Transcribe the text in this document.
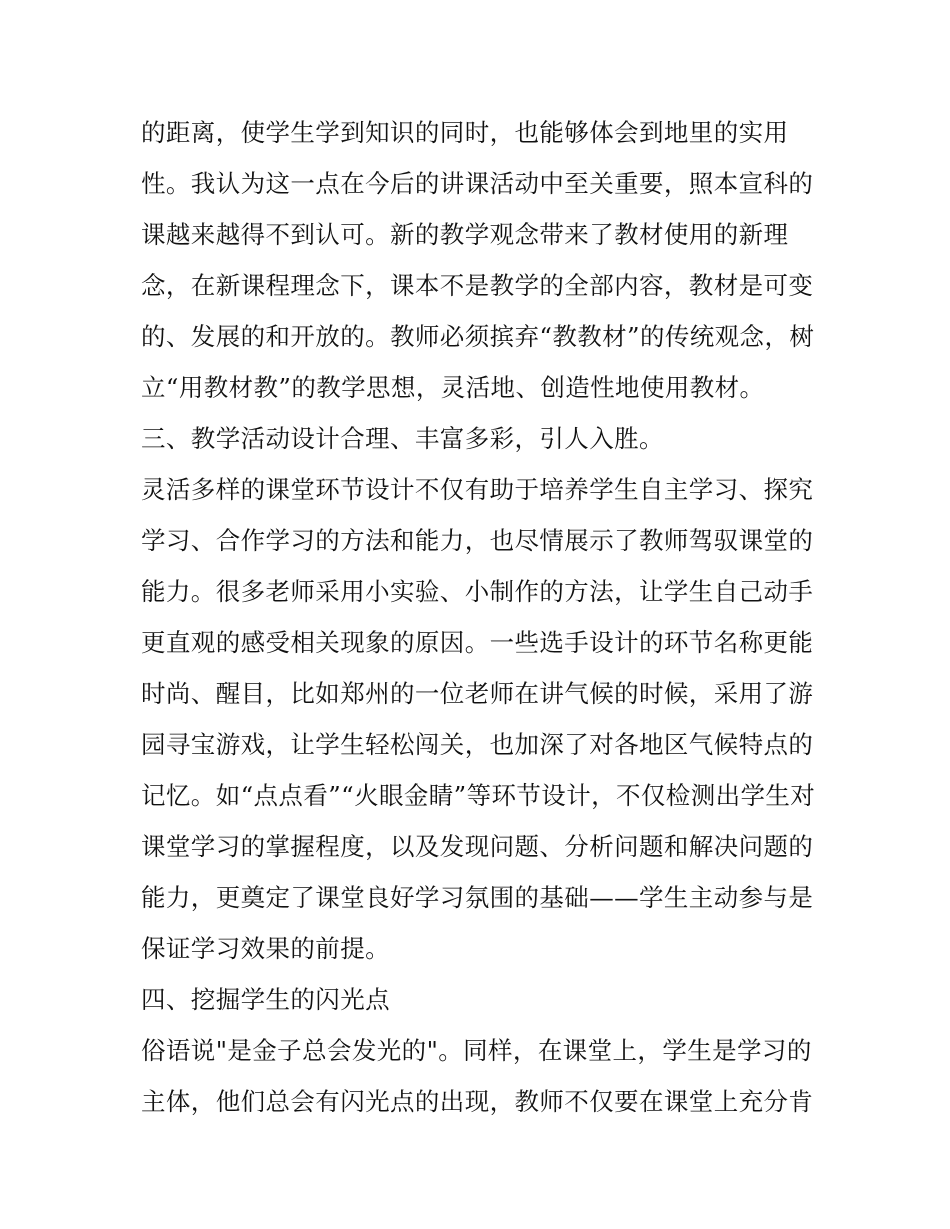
的距离，使学生学到知识的同时，也能够体会到地里的实用
性。我认为这一点在今后的讲课活动中至关重要，照本宣科的
课越来越得不到认可。新的教学观念带来了教材使用的新理
念，在新课程理念下，课本不是教学的全部内容，教材是可变
的、发展的和开放的。教师必须摈弃“教教材”的传统观念，树
立“用教材教”的教学思想，灵活地、创造性地使用教材。
三、教学活动设计合理、丰富多彩，引人入胜。
灵活多样的课堂环节设计不仅有助于培养学生自主学习、探究
学习、合作学习的方法和能力，也尽情展示了教师驾驭课堂的
能力。很多老师采用小实验、小制作的方法，让学生自己动手
更直观的感受相关现象的原因。一些选手设计的环节名称更能
时尚、醒目，比如郑州的一位老师在讲气候的时候，采用了游
园寻宝游戏，让学生轻松闯关，也加深了对各地区气候特点的
记忆。如“点点看”“火眼金睛”等环节设计，不仅检测出学生对
课堂学习的掌握程度，以及发现问题、分析问题和解决问题的
能力，更奠定了课堂良好学习氛围的基础——学生主动参与是
保证学习效果的前提。
四、挖掘学生的闪光点
俗语说"是金子总会发光的"。同样，在课堂上，学生是学习的
主体，他们总会有闪光点的出现，教师不仅要在课堂上充分肯
